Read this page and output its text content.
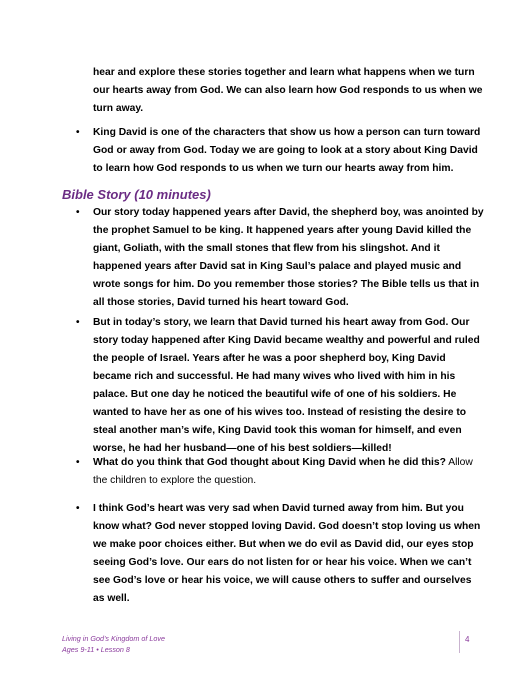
hear and explore these stories together and learn what happens when we turn our hearts away from God. We can also learn how God responds to us when we turn away.
• King David is one of the characters that show us how a person can turn toward God or away from God. Today we are going to look at a story about King David to learn how God responds to us when we turn our hearts away from him.
Bible Story (10 minutes)
• Our story today happened years after David, the shepherd boy, was anointed by the prophet Samuel to be king. It happened years after young David killed the giant, Goliath, with the small stones that flew from his slingshot. And it happened years after David sat in King Saul’s palace and played music and wrote songs for him. Do you remember those stories? The Bible tells us that in all those stories, David turned his heart toward God.
• But in today’s story, we learn that David turned his heart away from God. Our story today happened after King David became wealthy and powerful and ruled the people of Israel. Years after he was a poor shepherd boy, King David became rich and successful. He had many wives who lived with him in his palace. But one day he noticed the beautiful wife of one of his soldiers. He wanted to have her as one of his wives too. Instead of resisting the desire to steal another man’s wife, King David took this woman for himself, and even worse, he had her husband—one of his best soldiers—killed!
• What do you think that God thought about King David when he did this? Allow the children to explore the question.
• I think God’s heart was very sad when David turned away from him. But you know what? God never stopped loving David. God doesn’t stop loving us when we make poor choices either. But when we do evil as David did, our eyes stop seeing God’s love. Our ears do not listen for or hear his voice. When we can’t see God’s love or hear his voice, we will cause others to suffer and ourselves as well.
Living in God’s Kingdom of Love
Ages 9-11 • Lesson 8
4
